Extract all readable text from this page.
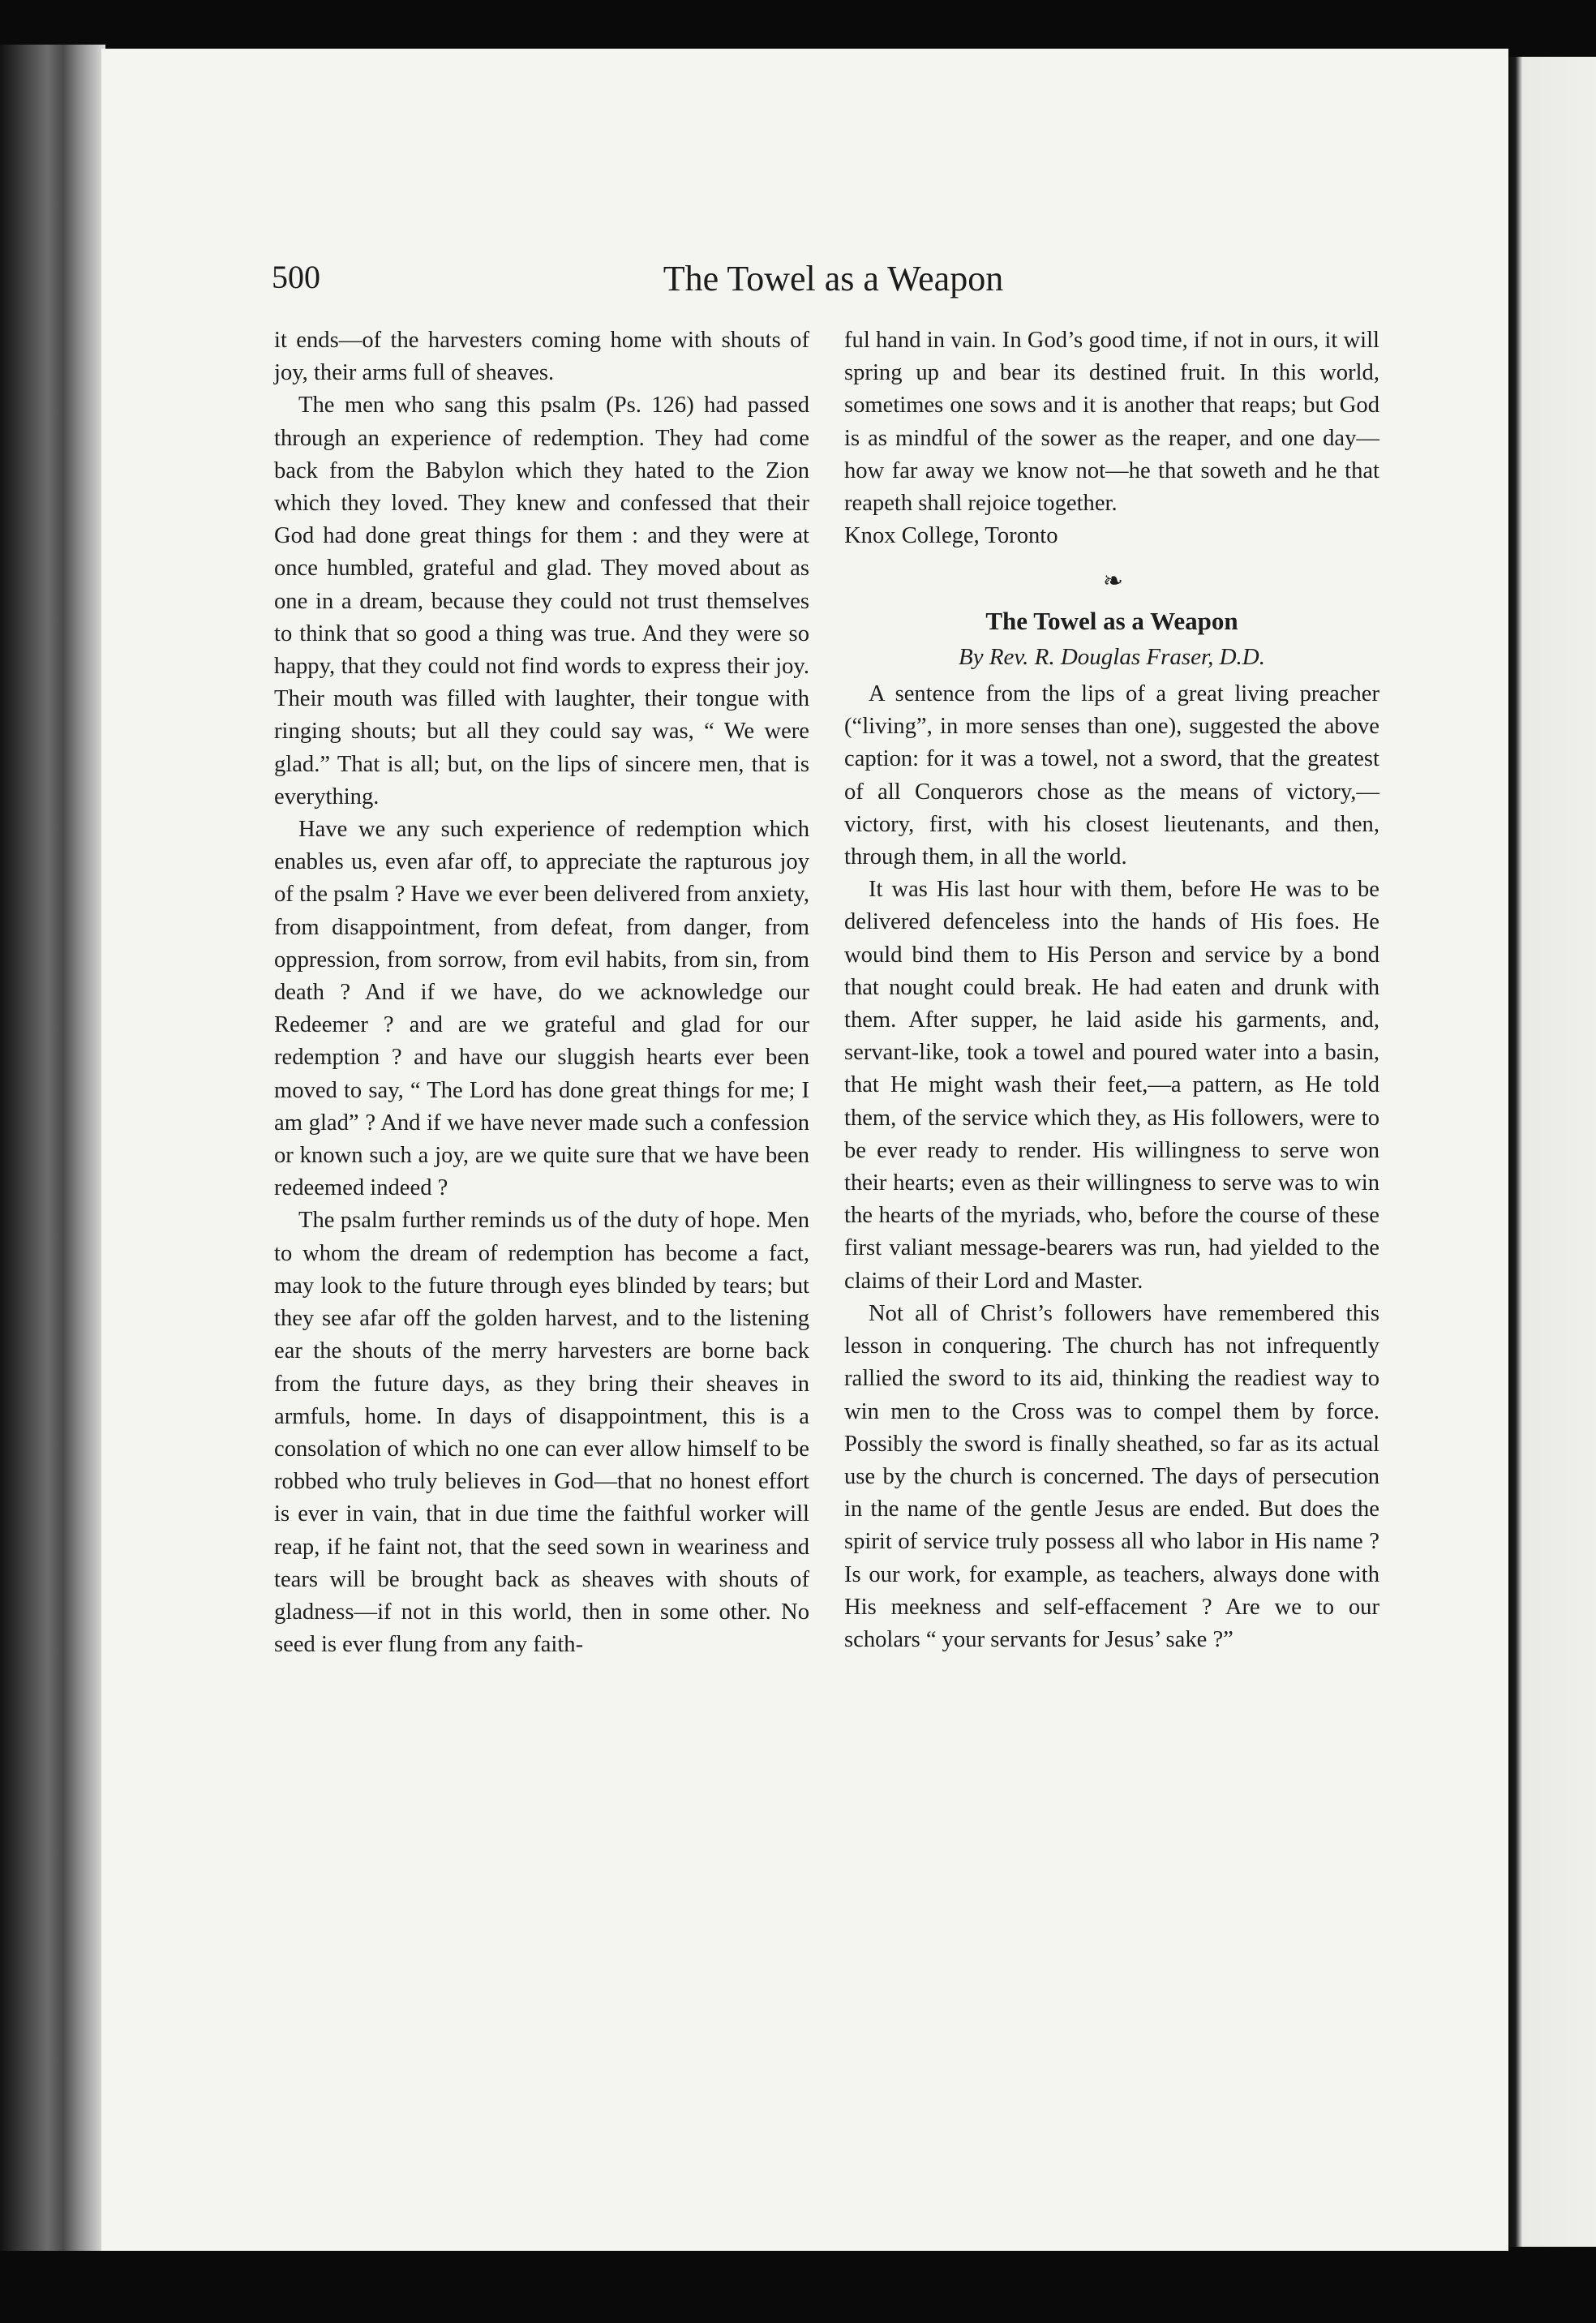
500	The Towel as a Weapon

it ends—of the harvesters coming home with shouts of joy, their arms full of sheaves.

The men who sang this psalm (Ps. 126) had passed through an experience of redemption. They had come back from the Babylon which they hated to the Zion which they loved. They knew and confessed that their God had done great things for them : and they were at once humbled, grateful and glad. They moved about as one in a dream, because they could not trust themselves to think that so good a thing was true. And they were so happy, that they could not find words to express their joy. Their mouth was filled with laughter, their tongue with ringing shouts; but all they could say was, “ We were glad.” That is all; but, on the lips of sincere men, that is everything.

Have we any such experience of redemption which enables us, even afar off, to appreciate the rapturous joy of the psalm ? Have we ever been delivered from anxiety, from disappointment, from defeat, from danger, from oppression, from sorrow, from evil habits, from sin, from death ? And if we have, do we acknowledge our Redeemer ? and are we grateful and glad for our redemption ? and have our sluggish hearts ever been moved to say, “ The Lord has done great things for me; I am glad” ? And if we have never made such a confession or known such a joy, are we quite sure that we have been redeemed indeed ?

The psalm further reminds us of the duty of hope. Men to whom the dream of redemption has become a fact, may look to the future through eyes blinded by tears; but they see afar off the golden harvest, and to the listening ear the shouts of the merry harvesters are borne back from the future days, as they bring their sheaves in armfuls, home. In days of disappointment, this is a consolation of which no one can ever allow himself to be robbed who truly believes in God—that no honest effort is ever in vain, that in due time the faithful worker will reap, if he faint not, that the seed sown in weariness and tears will be brought back as sheaves with shouts of gladness—if not in this world, then in some other. No seed is ever flung from any faith-

ful hand in vain. In God’s good time, if not in ours, it will spring up and bear its destined fruit. In this world, sometimes one sows and it is another that reaps; but God is as mindful of the sower as the reaper, and one day—how far away we know not—he that soweth and he that reapeth shall rejoice together.

Knox College, Toronto

❧
The Towel as a Weapon
By Rev. R. Douglas Fraser, D.D.

A sentence from the lips of a great living preacher (“living”, in more senses than one), suggested the above caption: for it was a towel, not a sword, that the greatest of all Conquerors chose as the means of victory,—victory, first, with his closest lieutenants, and then, through them, in all the world.

It was His last hour with them, before He was to be delivered defenceless into the hands of His foes. He would bind them to His Person and service by a bond that nought could break. He had eaten and drunk with them. After supper, he laid aside his garments, and, servant-like, took a towel and poured water into a basin, that He might wash their feet,—a pattern, as He told them, of the service which they, as His followers, were to be ever ready to render. His willingness to serve won their hearts; even as their willingness to serve was to win the hearts of the myriads, who, before the course of these first valiant message-bearers was run, had yielded to the claims of their Lord and Master.

Not all of Christ’s followers have remembered this lesson in conquering. The church has not infrequently rallied the sword to its aid, thinking the readiest way to win men to the Cross was to compel them by force. Possibly the sword is finally sheathed, so far as its actual use by the church is concerned. The days of persecution in the name of the gentle Jesus are ended. But does the spirit of service truly possess all who labor in His name ? Is our work, for example, as teachers, always done with His meekness and self-effacement ? Are we to our scholars “ your servants for Jesus’ sake ?”
